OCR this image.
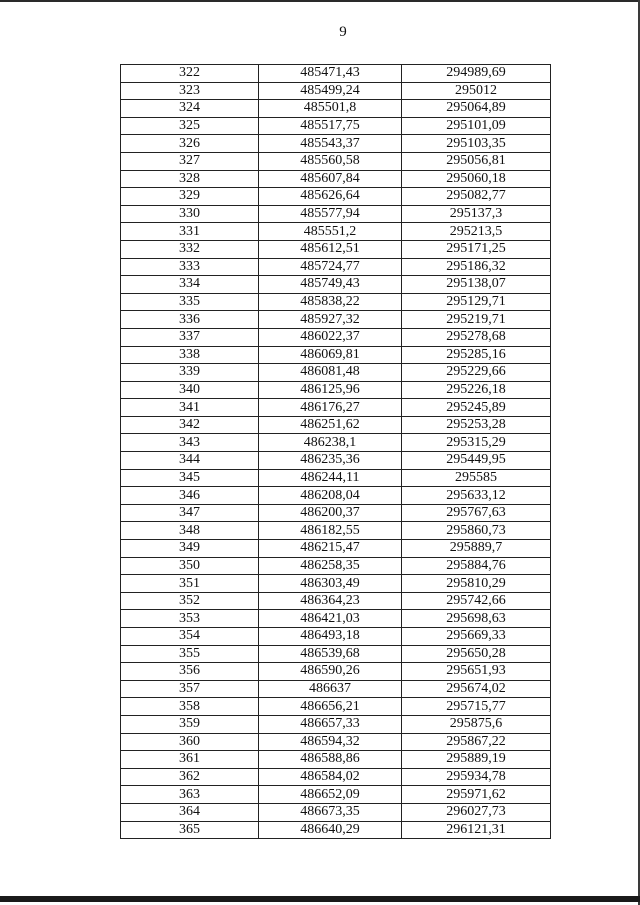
9
322	485471,43	294989,69
323	485499,24	295012
324	485501,8	295064,89
325	485517,75	295101,09
326	485543,37	295103,35
327	485560,58	295056,81
328	485607,84	295060,18
329	485626,64	295082,77
330	485577,94	295137,3
331	485551,2	295213,5
332	485612,51	295171,25
333	485724,77	295186,32
334	485749,43	295138,07
335	485838,22	295129,71
336	485927,32	295219,71
337	486022,37	295278,68
338	486069,81	295285,16
339	486081,48	295229,66
340	486125,96	295226,18
341	486176,27	295245,89
342	486251,62	295253,28
343	486238,1	295315,29
344	486235,36	295449,95
345	486244,11	295585
346	486208,04	295633,12
347	486200,37	295767,63
348	486182,55	295860,73
349	486215,47	295889,7
350	486258,35	295884,76
351	486303,49	295810,29
352	486364,23	295742,66
353	486421,03	295698,63
354	486493,18	295669,33
355	486539,68	295650,28
356	486590,26	295651,93
357	486637	295674,02
358	486656,21	295715,77
359	486657,33	295875,6
360	486594,32	295867,22
361	486588,86	295889,19
362	486584,02	295934,78
363	486652,09	295971,62
364	486673,35	296027,73
365	486640,29	296121,31
